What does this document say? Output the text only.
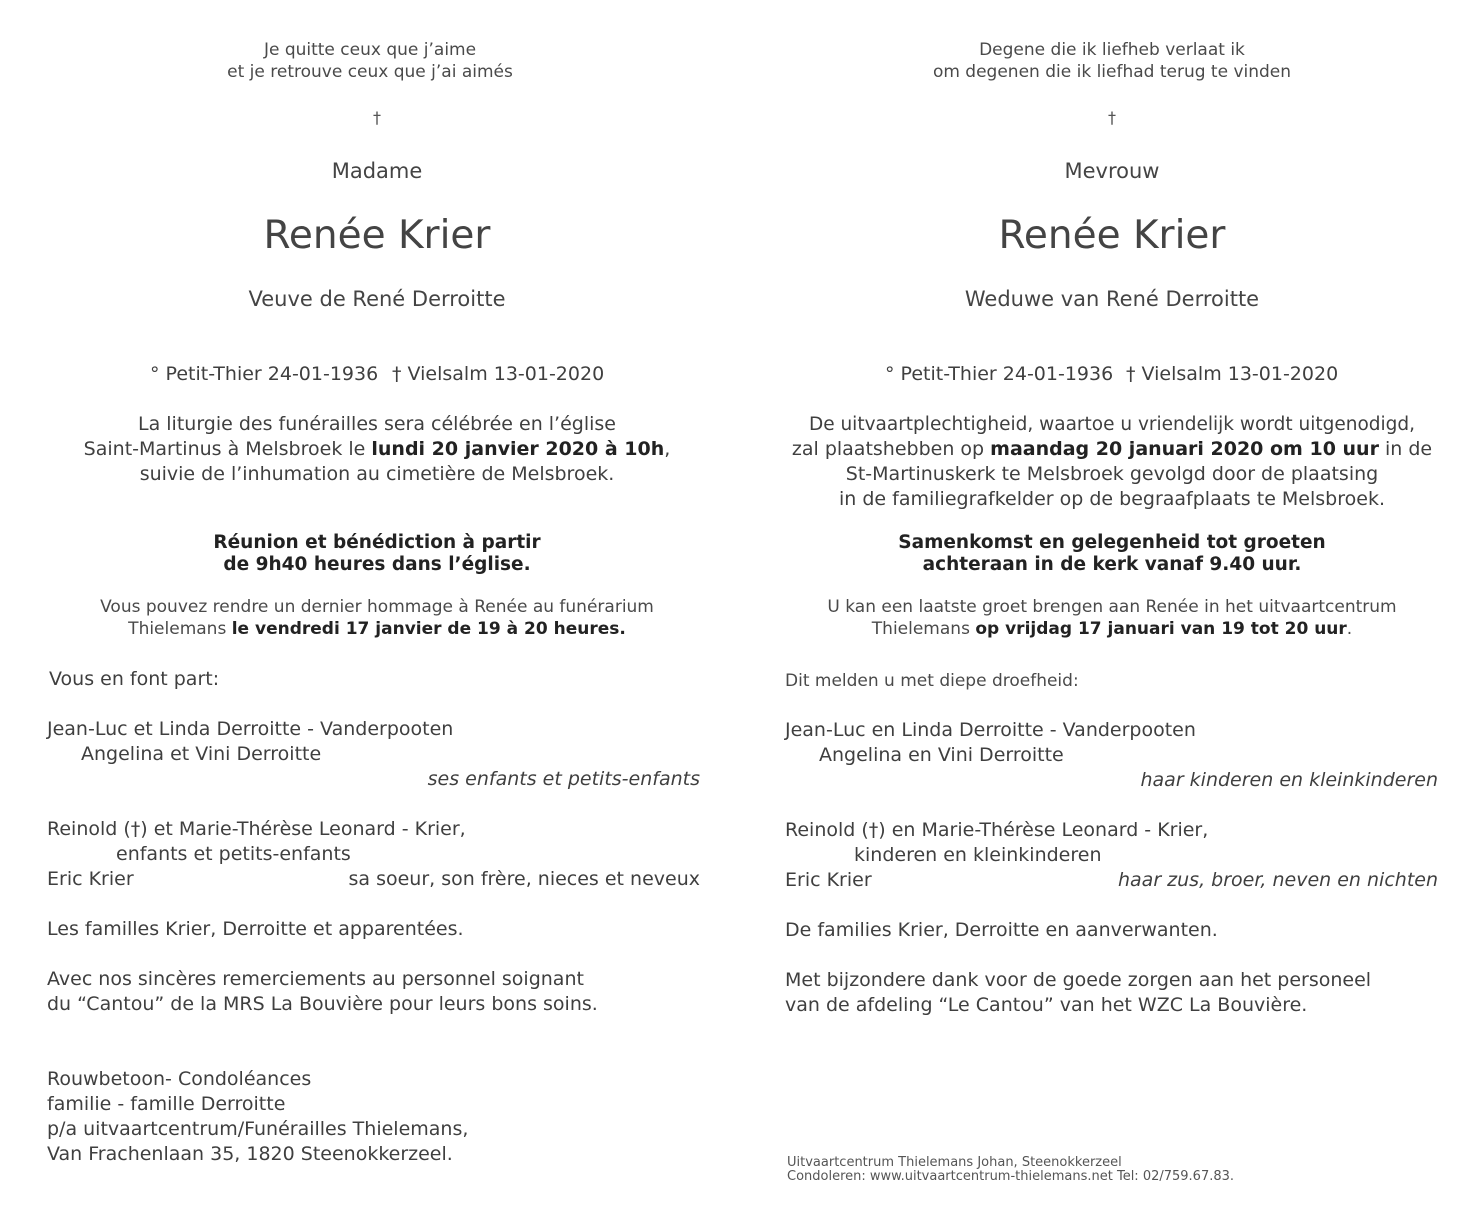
Je quitte ceux que j’aime
et je retrouve ceux que j’ai aimés
†
Madame
Renée Krier
Veuve de René Derroitte
° Petit-Thier 24-01-1936 † Vielsalm 13-01-2020
La liturgie des funérailles sera célébrée en l’église
Saint-Martinus à Melsbroek le lundi 20 janvier 2020 à 10h,
suivie de l’inhumation au cimetière de Melsbroek.
Réunion et bénédiction à partir
de 9h40 heures dans l’église.
Vous pouvez rendre un dernier hommage à Renée au funérarium
Thielemans le vendredi 17 janvier de 19 à 20 heures.
Vous en font part:
Jean-Luc et Linda Derroitte - Vanderpooten
Angelina et Vini Derroitte
ses enfants et petits-enfants
Reinold (†) et Marie-Thérèse Leonard - Krier,
enfants et petits-enfants
Eric Krier	sa soeur, son frère, nieces et neveux
Les familles Krier, Derroitte et apparentées.
Avec nos sincères remerciements au personnel soignant
du “Cantou” de la MRS La Bouvière pour leurs bons soins.
Rouwbetoon- Condoléances
familie - famille Derroitte
p/a uitvaartcentrum/Funérailles Thielemans,
Van Frachenlaan 35, 1820 Steenokkerzeel.
Degene die ik liefheb verlaat ik
om degenen die ik liefhad terug te vinden
†
Mevrouw
Renée Krier
Weduwe van René Derroitte
° Petit-Thier 24-01-1936 † Vielsalm 13-01-2020
De uitvaartplechtigheid, waartoe u vriendelijk wordt uitgenodigd,
zal plaatshebben op maandag 20 januari 2020 om 10 uur in de
St-Martinuskerk te Melsbroek gevolgd door de plaatsing
in de familiegrafkelder op de begraafplaats te Melsbroek.
Samenkomst en gelegenheid tot groeten
achteraan in de kerk vanaf 9.40 uur.
U kan een laatste groet brengen aan Renée in het uitvaartcentrum
Thielemans op vrijdag 17 januari van 19 tot 20 uur.
Dit melden u met diepe droefheid:
Jean-Luc en Linda Derroitte - Vanderpooten
Angelina en Vini Derroitte
haar kinderen en kleinkinderen
Reinold (†) en Marie-Thérèse Leonard - Krier,
kinderen en kleinkinderen
Eric Krier	haar zus, broer, neven en nichten
De families Krier, Derroitte en aanverwanten.
Met bijzondere dank voor de goede zorgen aan het personeel
van de afdeling “Le Cantou” van het WZC La Bouvière.
Uitvaartcentrum Thielemans Johan, Steenokkerzeel
Condoleren: www.uitvaartcentrum-thielemans.net Tel: 02/759.67.83.
